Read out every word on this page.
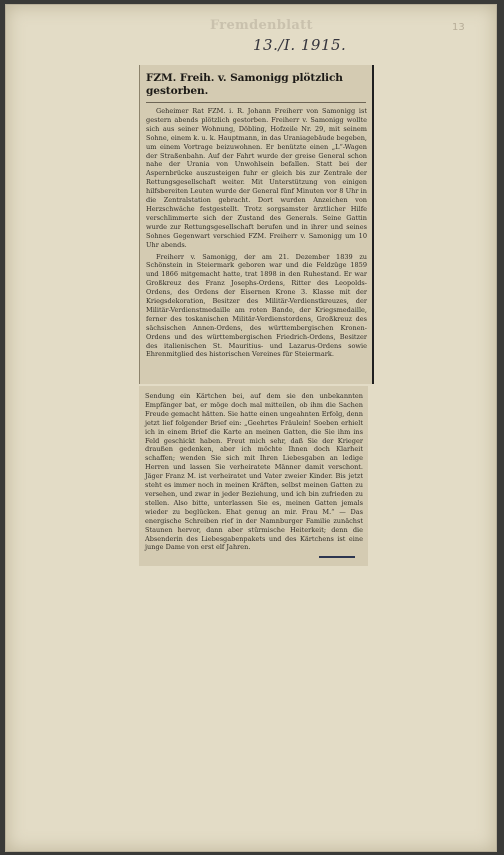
Fremdenblatt	13
13./I. 1915.
FZM. Freih. v. Samonigg plötzlich gestorben.

Geheimer Rat FZM. i. R. Johann Freiherr von Samonigg ist gestern abends plötzlich gestorben. Freiherr v. Samonigg wollte sich aus seiner Wohnung, Döbling, Hofzeile Nr. 29, mit seinem Sohne, einem k. u. k. Hauptmann, in das Uraniagebäude begeben, um einem Vortrage beizuwohnen. Er benützte einen „L“-Wagen der Straßenbahn. Auf der Fahrt wurde der greise General schon nahe der Urania von Unwohlsein befallen. Statt bei der Aspernbrücke auszusteigen fuhr er gleich bis zur Zentrale der Rettungsgesellschaft weiter. Mit Unterstützung von einigen hilfsbereiten Leuten wurde der General fünf Minuten vor 8 Uhr in die Zentralstation gebracht. Dort wurden Anzeichen von Herzschwäche festgestellt. Trotz sorgsamster ärztlicher Hilfe verschlimmerte sich der Zustand des Generals. Seine Gattin wurde zur Rettungsgesellschaft berufen und in ihrer und seines Sohnes Gegenwart verschied FZM. Freiherr v. Samonigg um 10 Uhr abends.

Freiherr v. Samonigg, der am 21. Dezember 1839 zu Schönstein in Steiermark geboren war und die Feldzüge 1859 und 1866 mitgemacht hatte, trat 1898 in den Ruhestand. Er war Großkreuz des Franz Josephs-Ordens, Ritter des Leopolds-Ordens, des Ordens der Eisernen Krone 3. Klasse mit der Kriegsdekoration, Besitzer des Militär-Verdienstkreuzes, der Militär-Verdienstmedaille am roten Bande, der Kriegsmedaille, ferner des toskanischen Militär-Verdienstordens, Großkreuz des sächsischen Annen-Ordens, des württembergischen Kronen-Ordens und des württembergischen Friedrich-Ordens, Besitzer des italienischen St. Mauritius- und Lazarus-Ordens sowie Ehrenmitglied des historischen Vereines für Steiermark.

Sendung ein Kärtchen bei, auf dem sie den unbekannten Empfänger bat, er möge doch mal mitteilen, ob ihm die Sachen Freude gemacht hätten. Sie hatte einen ungeahnten Erfolg, denn jetzt lief folgender Brief ein: „Geehrtes Fräulein! Soeben erhielt ich in einem Brief die Karte an meinen Gatten, die Sie ihm ins Feld geschickt haben. Freut mich sehr, daß Sie der Krieger draußen gedenken, aber ich möchte Ihnen doch Klarheit schaffen; wenden Sie sich mit Ihren Liebesgaben an ledige Herren und lassen Sie verheiratete Männer damit verschont. Jäger Franz M. ist verheiratet und Vater zweier Kinder. Bis jetzt steht es immer noch in meinen Kräften, selbst meinen Gatten zu versehen, und zwar in jeder Beziehung, und ich bin zufrieden zu stellen. Also bitte, unterlassen Sie es, meinen Gatten jemals wieder zu beglücken. Ehat genug an mir. Frau M.“ — Das energische Schreiben rief in der Namnburger Familie zunächst Staunen hervor, dann aber stürmische Heiterkeit; denn die Absenderin des Liebesgabenpakets und des Kärtchens ist eine junge Dame von erst elf Jahren.
